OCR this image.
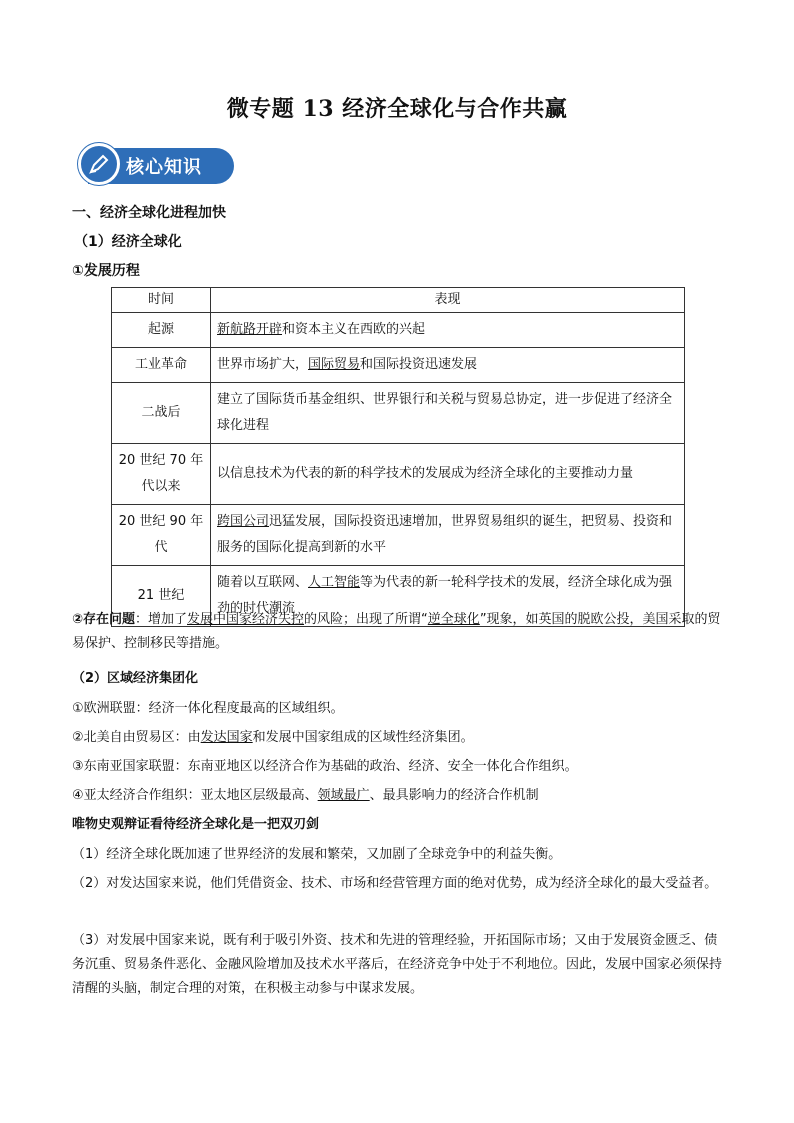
微专题 13 经济全球化与合作共赢
核心知识
一、经济全球化进程加快
（1）经济全球化
①发展历程
时间	表现
起源	新航路开辟和资本主义在西欧的兴起
工业革命	世界市场扩大，国际贸易和国际投资迅速发展
二战后	建立了国际货币基金组织、世界银行和关税与贸易总协定，进一步促进了经济全球化进程
20 世纪 70 年代以来	以信息技术为代表的新的科学技术的发展成为经济全球化的主要推动力量
20 世纪 90 年代	跨国公司迅猛发展，国际投资迅速增加，世界贸易组织的诞生，把贸易、投资和服务的国际化提高到新的水平
21 世纪	随着以互联网、人工智能等为代表的新一轮科学技术的发展，经济全球化成为强劲的时代潮流
②存在问题：增加了发展中国家经济失控的风险；出现了所谓“逆全球化”现象，如英国的脱欧公投，美国采取的贸易保护、控制移民等措施。
（2）区域经济集团化
①欧洲联盟：经济一体化程度最高的区域组织。
②北美自由贸易区：由发达国家和发展中国家组成的区域性经济集团。
③东南亚国家联盟：东南亚地区以经济合作为基础的政治、经济、安全一体化合作组织。
④亚太经济合作组织：亚太地区层级最高、领域最广、最具影响力的经济合作机制
唯物史观辩证看待经济全球化是一把双刃剑
（1）经济全球化既加速了世界经济的发展和繁荣，又加剧了全球竞争中的利益失衡。
（2）对发达国家来说，他们凭借资金、技术、市场和经营管理方面的绝对优势，成为经济全球化的最大受益者。
（3）对发展中国家来说，既有利于吸引外资、技术和先进的管理经验，开拓国际市场；又由于发展资金匮乏、债务沉重、贸易条件恶化、金融风险增加及技术水平落后，在经济竞争中处于不利地位。因此，发展中国家必须保持清醒的头脑，制定合理的对策，在积极主动参与中谋求发展。
